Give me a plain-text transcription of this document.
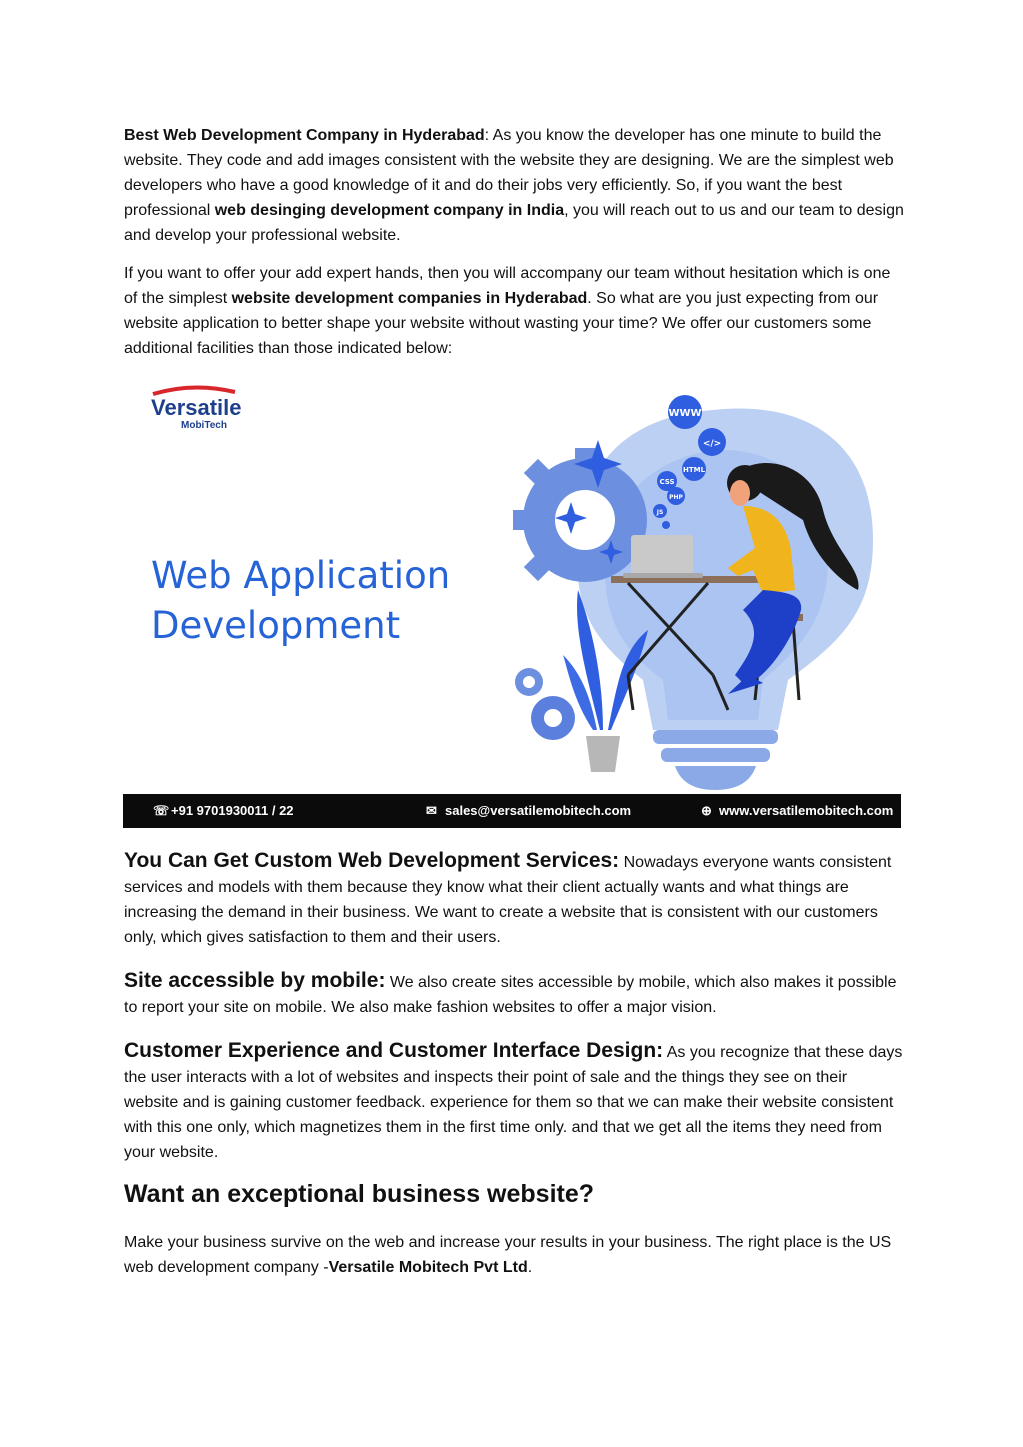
Best Web Development Company in Hyderabad: As you know the developer has one minute to build the website. They code and add images consistent with the website they are designing. We are the simplest web developers who have a good knowledge of it and do their jobs very efficiently. So, if you want the best professional web desinging development company in India, you will reach out to us and our team to design and develop your professional website.

If you want to offer your add expert hands, then you will accompany our team without hesitation which is one of the simplest website development companies in Hyderabad. So what are you just expecting from our website application to better shape your website without wasting your time? We offer our customers some additional facilities than those indicated below:

Versatile
MobiTech
Web Application
Development
WWW
</>
HTML
CSS
PHP
JS
☏ +91 9701930011 / 22	✉ sales@versatilemobitech.com	⊕ www.versatilemobitech.com

You Can Get Custom Web Development Services: Nowadays everyone wants consistent services and models with them because they know what their client actually wants and what things are increasing the demand in their business. We want to create a website that is consistent with our customers only, which gives satisfaction to them and their users.

Site accessible by mobile: We also create sites accessible by mobile, which also makes it possible to report your site on mobile. We also make fashion websites to offer a major vision.

Customer Experience and Customer Interface Design: As you recognize that these days the user interacts with a lot of websites and inspects their point of sale and the things they see on their website and is gaining customer feedback. experience for them so that we can make their website consistent with this one only, which magnetizes them in the first time only. and that we get all the items they need from your website.

Want an exceptional business website?

Make your business survive on the web and increase your results in your business. The right place is the US web development company -Versatile Mobitech Pvt Ltd.
